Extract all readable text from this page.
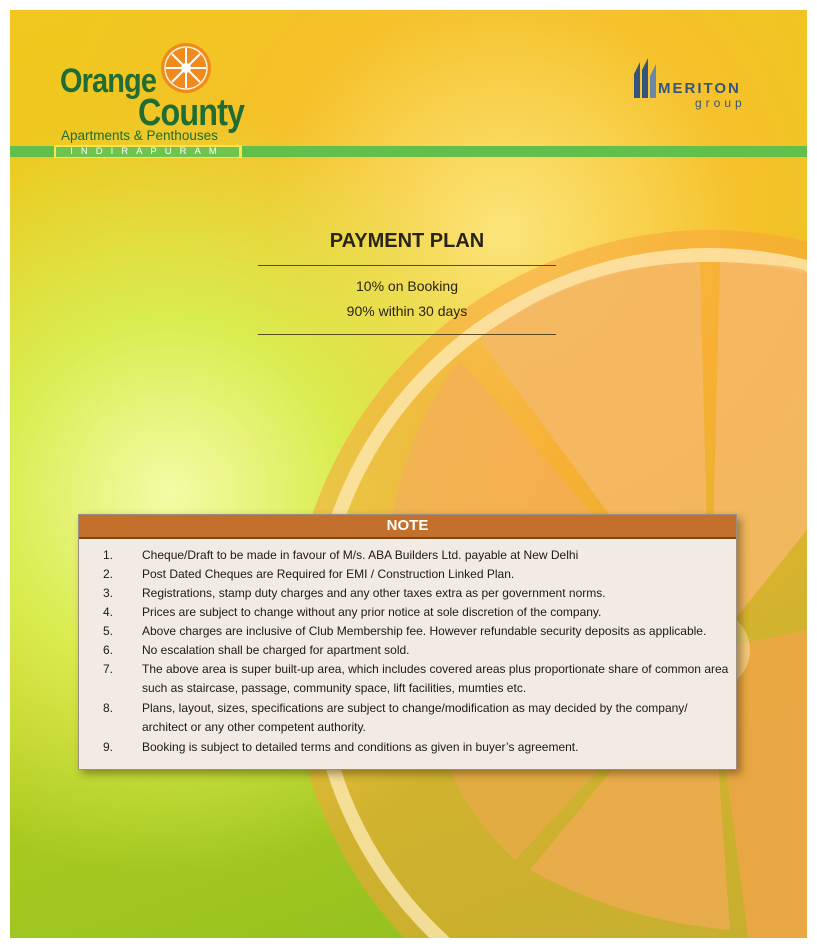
Orange
County
Apartments & Penthouses
INDIRAPURAM
MERITON
group
PAYMENT PLAN
10% on Booking
90% within 30 days
NOTE
1.	Cheque/Draft to be made in favour of M/s. ABA Builders Ltd. payable at New Delhi
2.	Post Dated Cheques are Required for EMI / Construction Linked Plan.
3.	Registrations, stamp duty charges and any other taxes extra as per government norms.
4.	Prices are subject to change without any prior notice at sole discretion of the company.
5.	Above charges are inclusive of Club Membership fee. However refundable security deposits as applicable.
6.	No escalation shall be charged for apartment sold.
7.	The above area is super built-up area, which includes covered areas plus proportionate share of common area such as staircase, passage, community space, lift facilities, mumties etc.
8.	Plans, layout, sizes, specifications are subject to change/modification as may decided by the company/ architect or any other competent authority.
9.	Booking is subject to detailed terms and conditions as given in buyer’s agreement.
